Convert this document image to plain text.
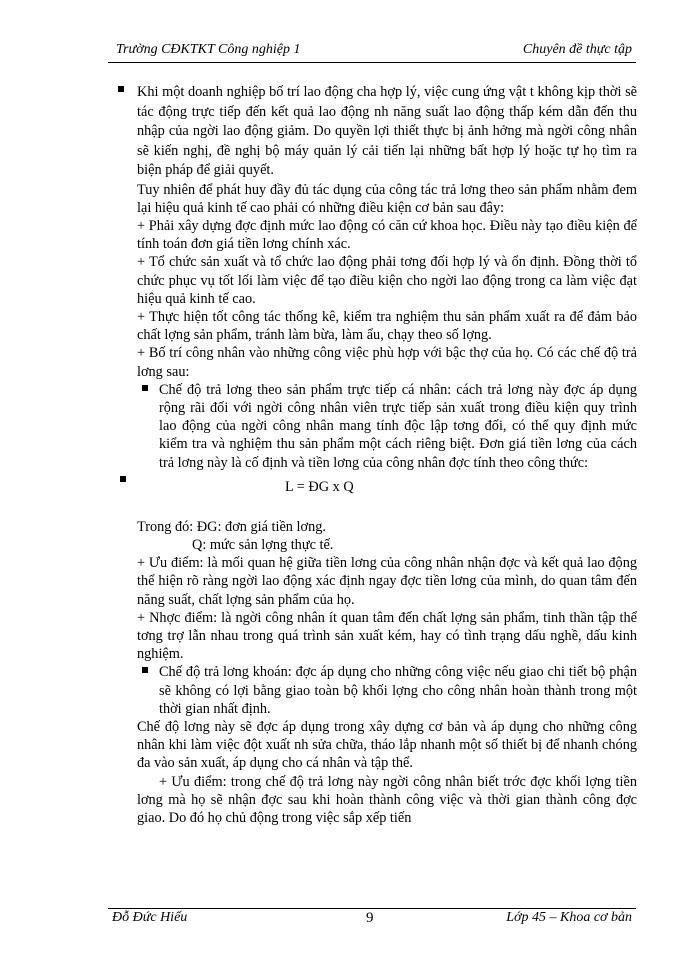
Trường CĐKTKT Công nghiệp 1	Chuyên đề thực tập
Khi một doanh nghiệp bố trí lao động cha hợp lý, việc cung ứng vật t không kịp thời sẽ tác động trực tiếp đến kết quả lao động nh năng suất lao động thấp kém dẫn đến thu nhập của ngời lao động giảm. Do quyền lợi thiết thực bị ảnh hởng mà ngời công nhân sẽ kiến nghị, đề nghị bộ máy quản lý cải tiến lại những bất hợp lý hoặc tự họ tìm ra biện pháp để giải quyết.
Tuy nhiên để phát huy đầy đủ tác dụng của công tác trả lơng theo sản phẩm nhằm đem lại hiệu quả kinh tế cao phải có những điều kiện cơ bản sau đây:
+ Phải xây dựng đợc định mức lao động có căn cứ khoa học. Điều này tạo điều kiện để tính toán đơn giá tiền lơng chính xác.
+ Tổ chức sản xuất và tổ chức lao động phải tơng đối hợp lý và ổn định. Đồng thời tổ chức phục vụ tốt lối làm việc để tạo điều kiện cho ngời lao động trong ca làm việc đạt hiệu quả kinh tế cao.
+ Thực hiện tốt công tác thống kê, kiểm tra nghiệm thu sản phẩm xuất ra để đảm bảo chất lợng sản phẩm, tránh làm bừa, làm ẩu, chạy theo số lợng.
+ Bố trí công nhân vào những công việc phù hợp với bậc thợ của họ. Có các chế độ trả lơng sau:
Chế độ trả lơng theo sản phẩm trực tiếp cá nhân: cách trả lơng này đợc áp dụng rộng rãi đối với ngời công nhân viên trực tiếp sản xuất trong điều kiện quy trình lao động của ngời công nhân mang tính độc lập tơng đối, có thể quy định mức kiểm tra và nghiệm thu sản phẩm một cách riêng biệt. Đơn giá tiền lơng của cách trả lơng này là cố định và tiền lơng của công nhân đợc tính theo công thức:
L = ĐG x Q
Trong đó: ĐG: đơn giá tiền lơng.
Q: mức sản lợng thực tế.
+ Ưu điểm: là mối quan hệ giữa tiền lơng của công nhân nhận đợc và kết quả lao động thể hiện rõ ràng ngời lao động xác định ngay đợc tiền lơng của mình, do quan tâm đến năng suất, chất lợng sản phẩm của họ.
+ Nhợc điểm: là ngời công nhân ít quan tâm đến chất lợng sản phẩm, tinh thần tập thể tơng trợ lẫn nhau trong quá trình sản xuất kém, hay có tình trạng dấu nghề, dấu kinh nghiệm.
Chế độ trả lơng khoán: đợc áp dụng cho những công việc nếu giao chi tiết bộ phận sẽ không có lợi bằng giao toàn bộ khối lợng cho công nhân hoàn thành trong một thời gian nhất định.
Chế độ lơng này sẽ đợc áp dụng trong xây dựng cơ bản và áp dụng cho những công nhân khi làm việc đột xuất nh sửa chữa, tháo lắp nhanh một số thiết bị để nhanh chóng đa vào sản xuất, áp dụng cho cá nhân và tập thể.
+ Ưu điểm: trong chế độ trả lơng này ngời công nhân biết trớc đợc khối lợng tiền lơng mà họ sẽ nhận đợc sau khi hoàn thành công việc và thời gian thành công đợc giao. Do đó họ chủ động trong việc sắp xếp tiến
Đỗ Đức Hiếu	9	Lớp 45 – Khoa cơ bản
